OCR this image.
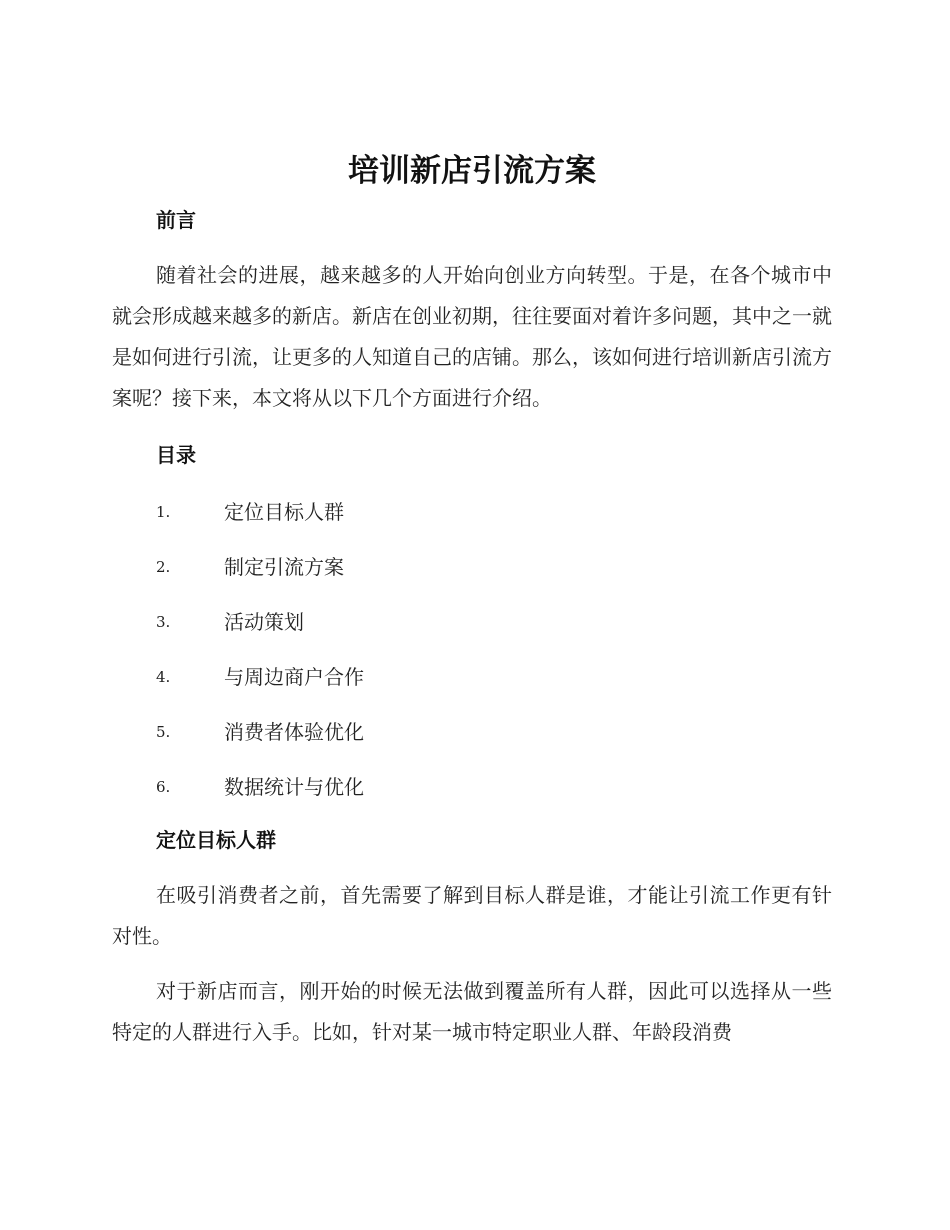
培训新店引流方案
前言

随着社会的进展，越来越多的人开始向创业方向转型。于是，在各个城市中就会形成越来越多的新店。新店在创业初期，往往要面对着许多问题，其中之一就是如何进行引流，让更多的人知道自己的店铺。那么，该如何进行培训新店引流方案呢？接下来，本文将从以下几个方面进行介绍。

目录
1.	定位目标人群
2.	制定引流方案
3.	活动策划
4.	与周边商户合作
5.	消费者体验优化
6.	数据统计与优化
定位目标人群

在吸引消费者之前，首先需要了解到目标人群是谁，才能让引流工作更有针对性。

对于新店而言，刚开始的时候无法做到覆盖所有人群，因此可以选择从一些特定的人群进行入手。比如，针对某一城市特定职业人群、年龄段消费
